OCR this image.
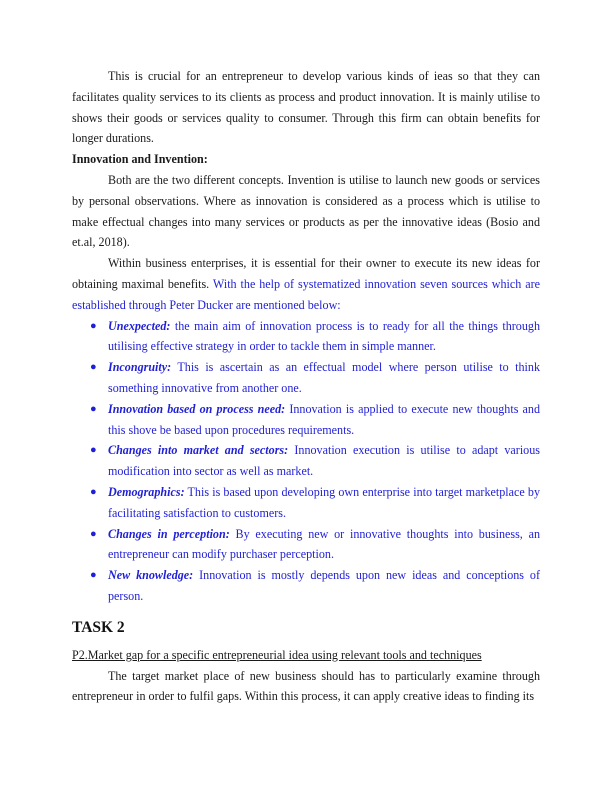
This is crucial for an entrepreneur to develop various kinds of ieas so that they can facilitates quality services to its clients as process and product innovation. It is mainly utilise to shows their goods or services quality to consumer. Through this firm can obtain benefits for longer durations.

Innovation and Invention:

Both are the two different concepts. Invention is utilise to launch new goods or services by personal observations. Where as innovation is considered as a process which is utilise to make effectual changes into many services or products as per the innovative ideas (Bosio and et.al, 2018).

Within business enterprises, it is essential for their owner to execute its new ideas for obtaining maximal benefits. With the help of systematized innovation seven sources which are established through Peter Ducker are mentioned below:

● Unexpected: the main aim of innovation process is to ready for all the things through utilising effective strategy in order to tackle them in simple manner.
● Incongruity: This is ascertain as an effectual model where person utilise to think something innovative from another one.
● Innovation based on process need: Innovation is applied to execute new thoughts and this shove be based upon procedures requirements.
● Changes into market and sectors: Innovation execution is utilise to adapt various modification into sector as well as market.
● Demographics: This is based upon developing own enterprise into target marketplace by facilitating satisfaction to customers.
● Changes in perception: By executing new or innovative thoughts into business, an entrepreneur can modify purchaser perception.
● New knowledge: Innovation is mostly depends upon new ideas and conceptions of person.

TASK 2

P2.Market gap for a specific entrepreneurial idea using relevant tools and techniques

The target market place of new business should has to particularly examine through entrepreneur in order to fulfil gaps. Within this process, it can apply creative ideas to finding its
